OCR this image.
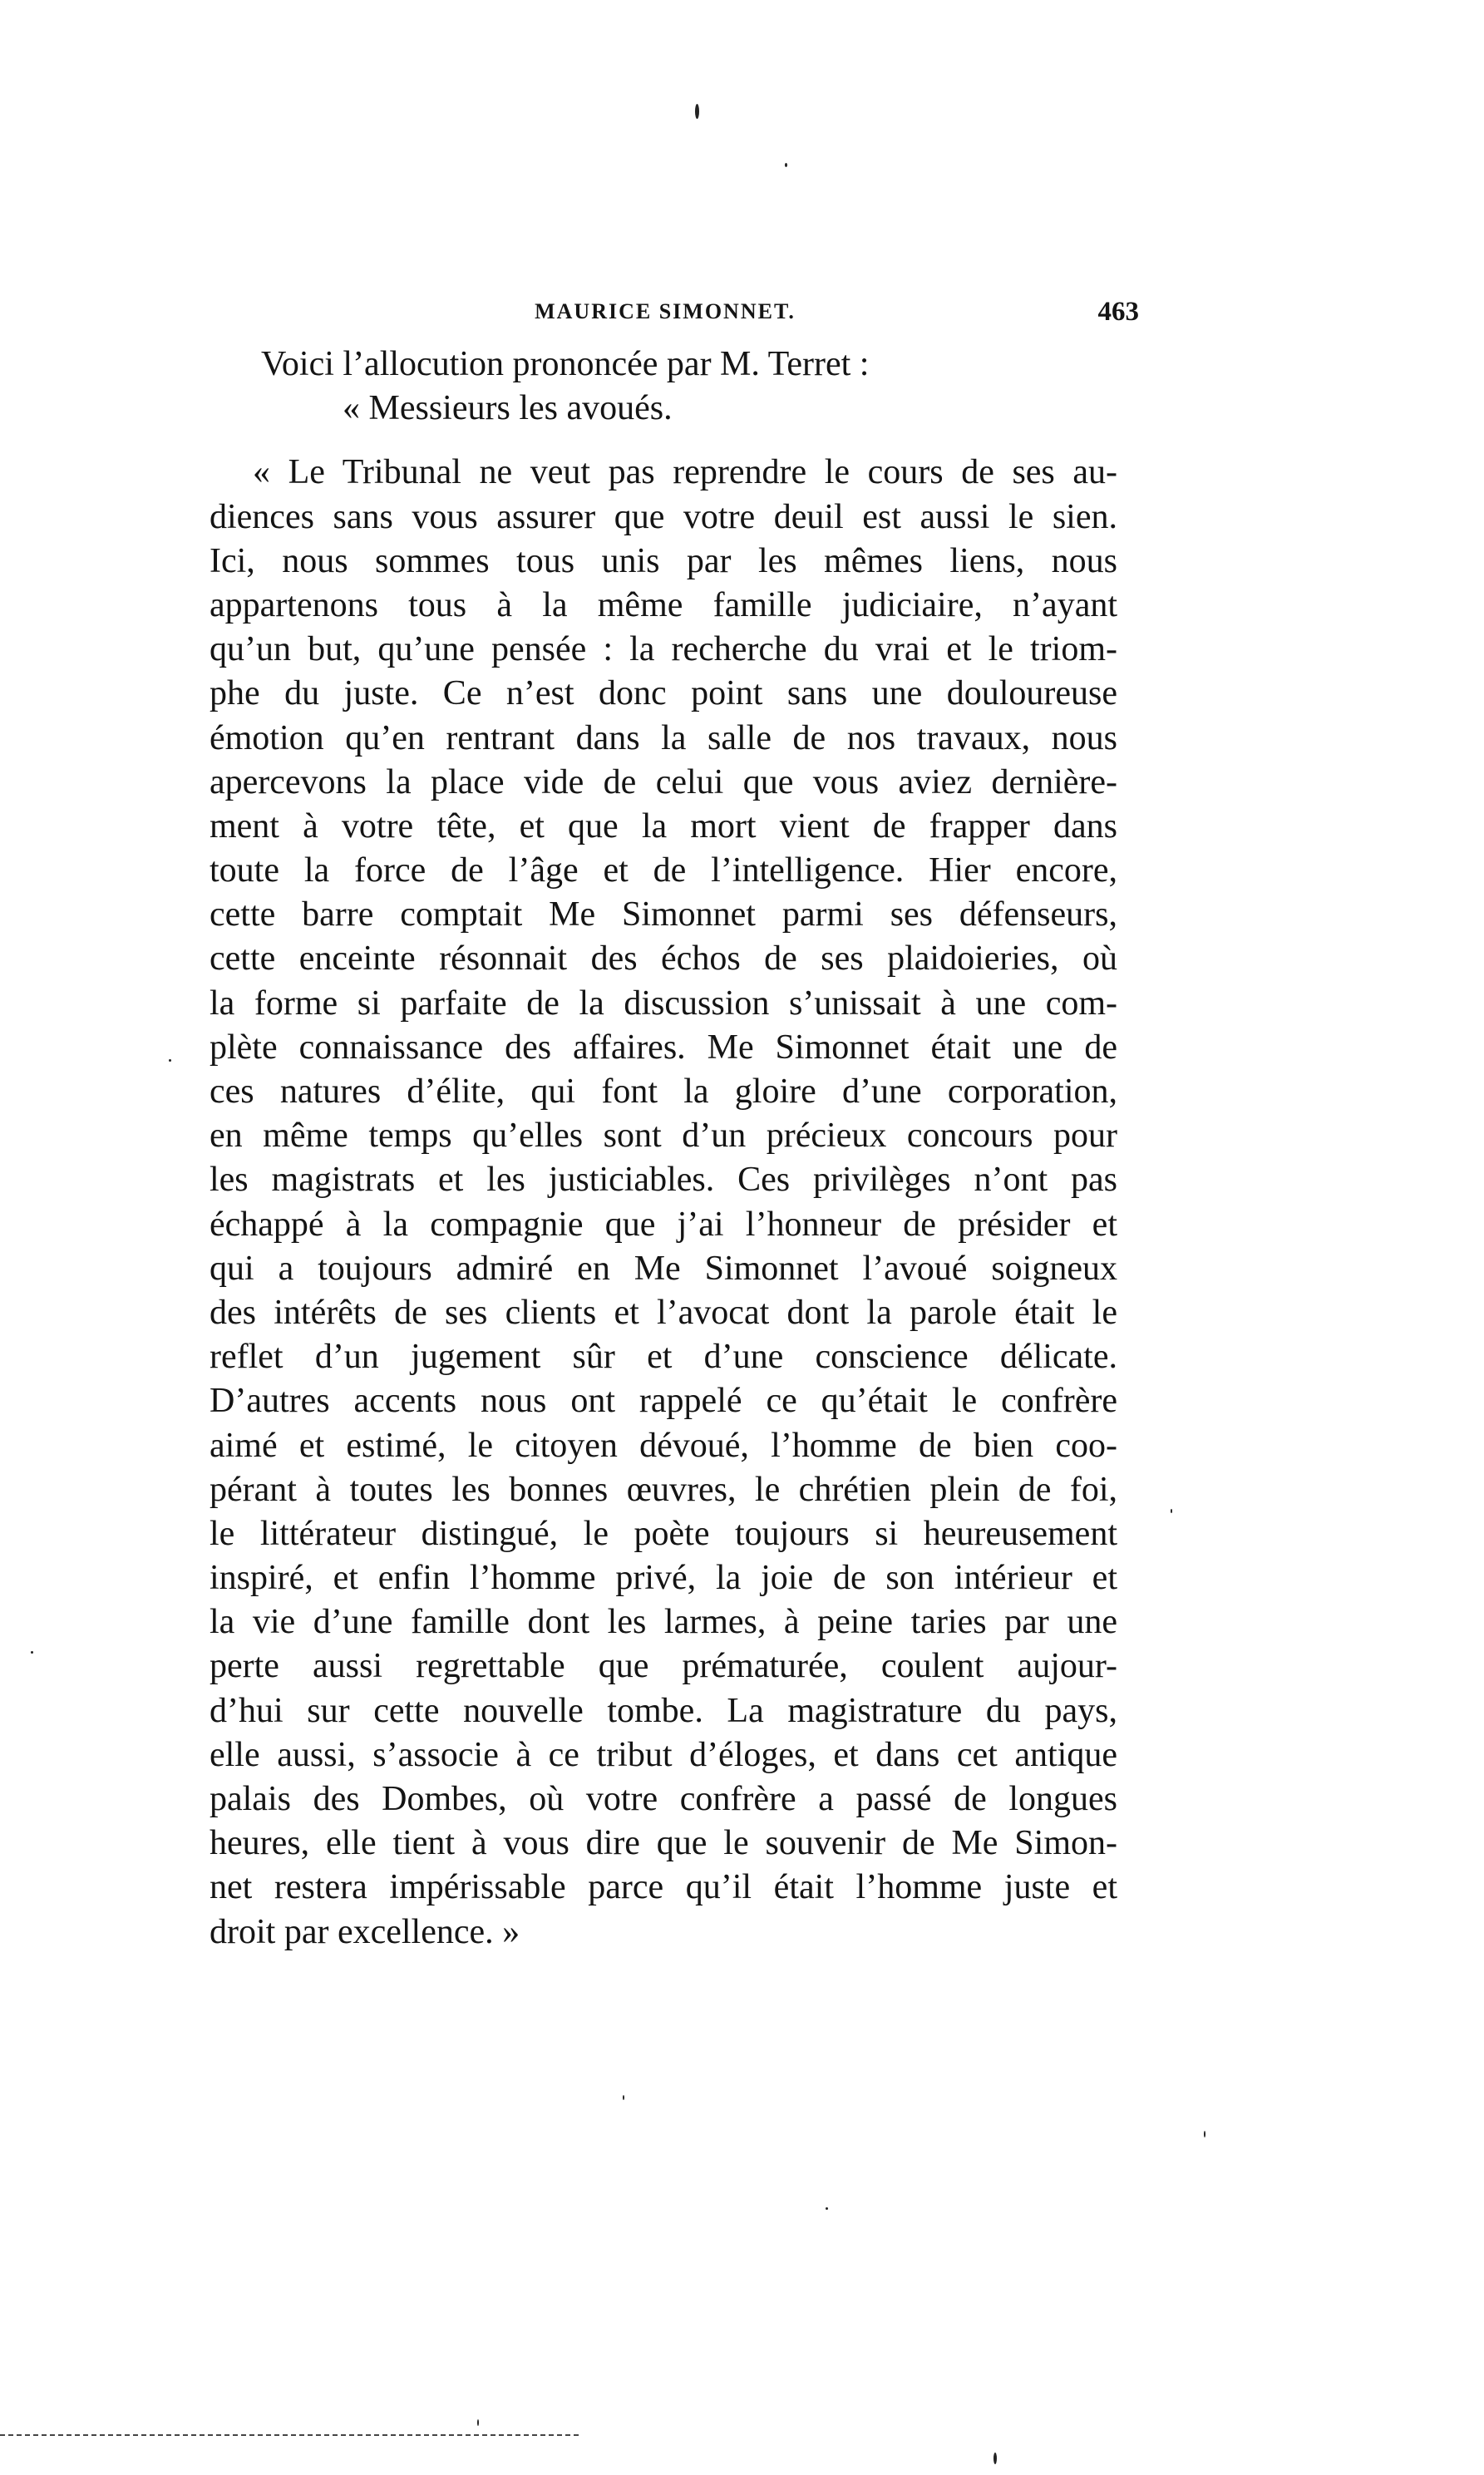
MAURICE SIMONNET.	463
Voici l’allocution prononcée par M. Terret :
« Messieurs les avoués.
« Le Tribunal ne veut pas reprendre le cours de ses au-
diences sans vous assurer que votre deuil est aussi le sien.
Ici, nous sommes tous unis par les mêmes liens, nous
appartenons tous à la même famille judiciaire, n’ayant
qu’un but, qu’une pensée : la recherche du vrai et le triom-
phe du juste. Ce n’est donc point sans une douloureuse
émotion qu’en rentrant dans la salle de nos travaux, nous
apercevons la place vide de celui que vous aviez dernière-
ment à votre tête, et que la mort vient de frapper dans
toute la force de l’âge et de l’intelligence. Hier encore,
cette barre comptait Me Simonnet parmi ses défenseurs,
cette enceinte résonnait des échos de ses plaidoieries, où
la forme si parfaite de la discussion s’unissait à une com-
plète connaissance des affaires. Me Simonnet était une de
ces natures d’élite, qui font la gloire d’une corporation,
en même temps qu’elles sont d’un précieux concours pour
les magistrats et les justiciables. Ces privilèges n’ont pas
échappé à la compagnie que j’ai l’honneur de présider et
qui a toujours admiré en Me Simonnet l’avoué soigneux
des intérêts de ses clients et l’avocat dont la parole était le
reflet d’un jugement sûr et d’une conscience délicate.
D’autres accents nous ont rappelé ce qu’était le confrère
aimé et estimé, le citoyen dévoué, l’homme de bien coo-
pérant à toutes les bonnes œuvres, le chrétien plein de foi,
le littérateur distingué, le poète toujours si heureusement
inspiré, et enfin l’homme privé, la joie de son intérieur et
la vie d’une famille dont les larmes, à peine taries par une
perte aussi regrettable que prématurée, coulent aujour-
d’hui sur cette nouvelle tombe. La magistrature du pays,
elle aussi, s’associe à ce tribut d’éloges, et dans cet antique
palais des Dombes, où votre confrère a passé de longues
heures, elle tient à vous dire que le souvenir de Me Simon-
net restera impérissable parce qu’il était l’homme juste et
droit par excellence. »
